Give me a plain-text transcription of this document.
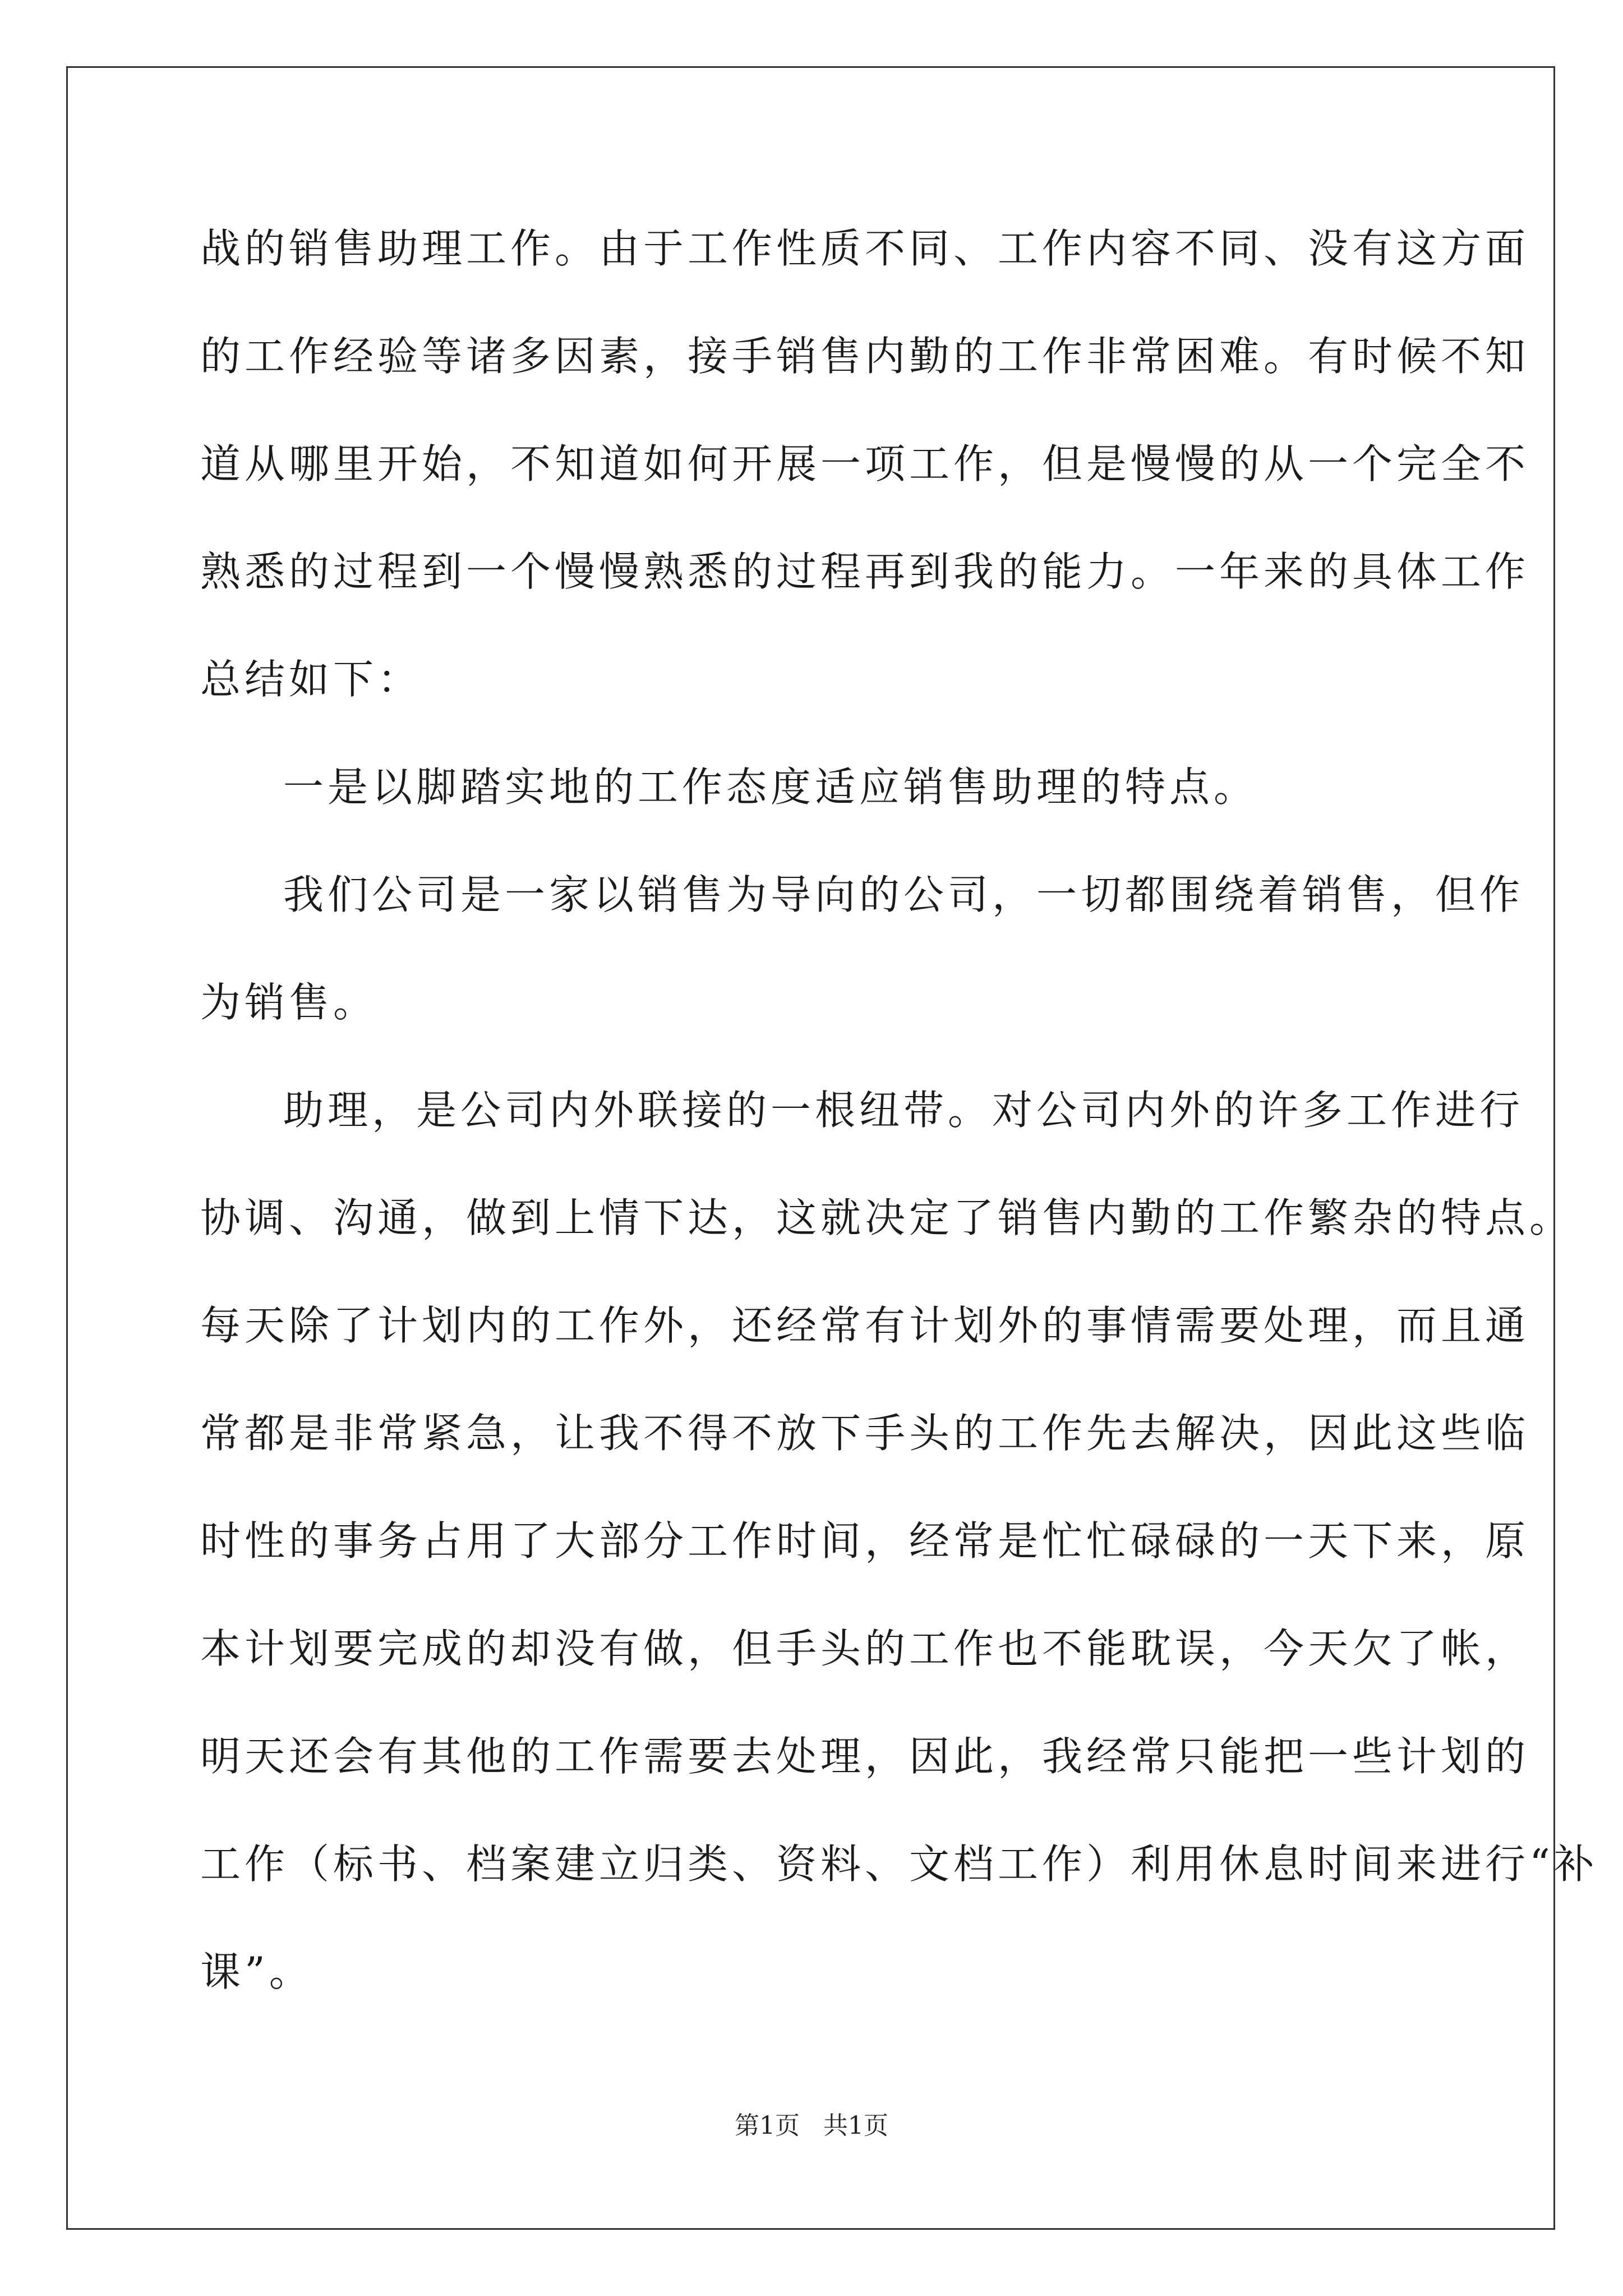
战的销售助理工作。由于工作性质不同、工作内容不同、没有这方面
的工作经验等诸多因素，接手销售内勤的工作非常困难。有时候不知
道从哪里开始，不知道如何开展一项工作，但是慢慢的从一个完全不
熟悉的过程到一个慢慢熟悉的过程再到我的能力。一年来的具体工作
总结如下：
一是以脚踏实地的工作态度适应销售助理的特点。
我们公司是一家以销售为导向的公司，一切都围绕着销售，但作
为销售。
助理，是公司内外联接的一根纽带。对公司内外的许多工作进行
协调、沟通，做到上情下达，这就决定了销售内勤的工作繁杂的特点。
每天除了计划内的工作外，还经常有计划外的事情需要处理，而且通
常都是非常紧急，让我不得不放下手头的工作先去解决，因此这些临
时性的事务占用了大部分工作时间，经常是忙忙碌碌的一天下来，原
本计划要完成的却没有做，但手头的工作也不能耽误，今天欠了帐，
明天还会有其他的工作需要去处理，因此，我经常只能把一些计划的
工作（标书、档案建立归类、资料、文档工作）利用休息时间来进行“补
课”。
第1页   共1页
